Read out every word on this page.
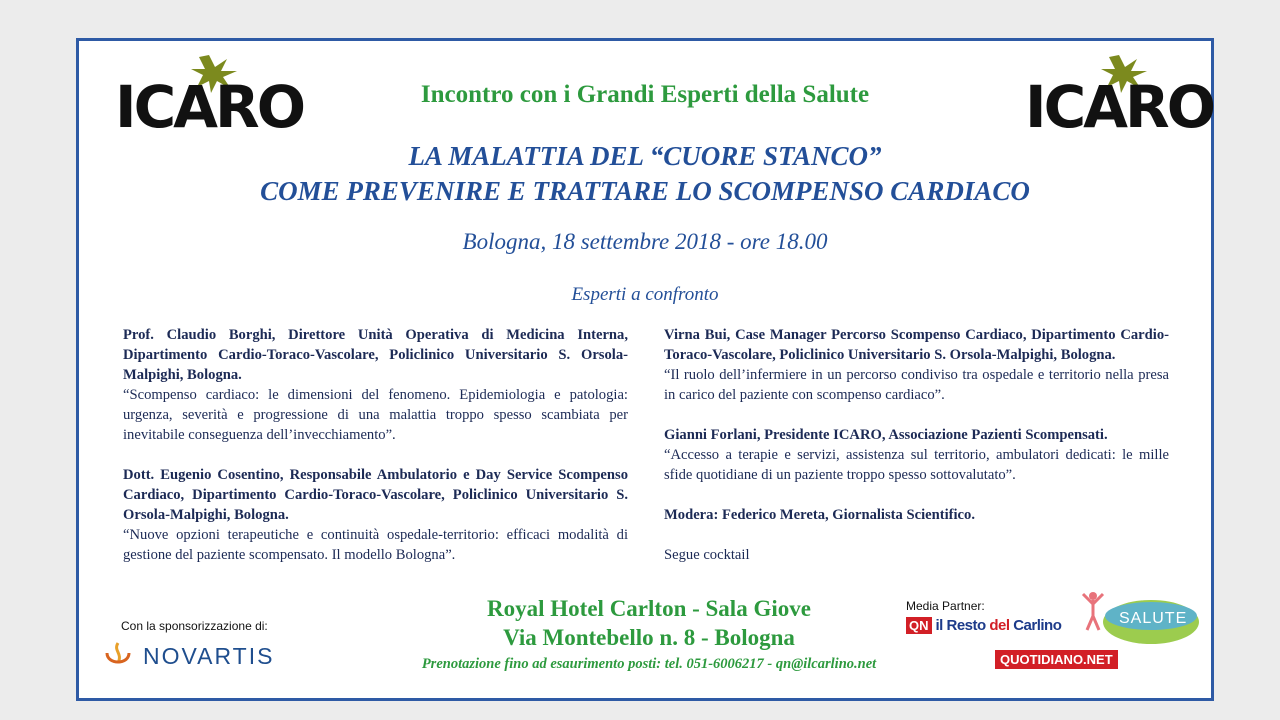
ICARO	ICARO
Incontro con i Grandi Esperti della Salute
LA MALATTIA DEL “CUORE STANCO”
COME PREVENIRE E TRATTARE LO SCOMPENSO CARDIACO
Bologna, 18 settembre 2018 - ore 18.00
Esperti a confronto

Prof. Claudio Borghi, Direttore Unità Operativa di Medicina Interna, Dipartimento Cardio-Toraco-Vascolare, Policlinico Universitario S. Orsola-Malpighi, Bologna.
“Scompenso cardiaco: le dimensioni del fenomeno. Epidemiologia e patologia: urgenza, severità e progressione di una malattia troppo spesso scambiata per inevitabile conseguenza dell’invecchiamento”.

Dott. Eugenio Cosentino, Responsabile Ambulatorio e Day Service Scompenso Cardiaco, Dipartimento Cardio-Toraco-Vascolare, Policlinico Universitario S. Orsola-Malpighi, Bologna.
“Nuove opzioni terapeutiche e continuità ospedale-territorio: efficaci modalità di gestione del paziente scompensato. Il modello Bologna”.

Virna Bui, Case Manager Percorso Scompenso Cardiaco, Dipartimento Cardio-Toraco-Vascolare, Policlinico Universitario S. Orsola-Malpighi, Bologna.
“Il ruolo dell’infermiere in un percorso condiviso tra ospedale e territorio nella presa in carico del paziente con scompenso cardiaco”.

Gianni Forlani, Presidente ICARO, Associazione Pazienti Scompensati.
“Accesso a terapie e servizi, assistenza sul territorio, ambulatori dedicati: le mille sfide quotidiane di un paziente troppo spesso sottovalutato”.

Modera: Federico Mereta, Giornalista Scientifico.

Segue cocktail

Royal Hotel Carlton - Sala Giove
Via Montebello n. 8 - Bologna
Prenotazione fino ad esaurimento posti: tel. 051-6006217 - qn@ilcarlino.net
Con la sponsorizzazione di:
NOVARTIS
Media Partner:
QN il Resto del Carlino
QUOTIDIANO.NET
SALUTE
